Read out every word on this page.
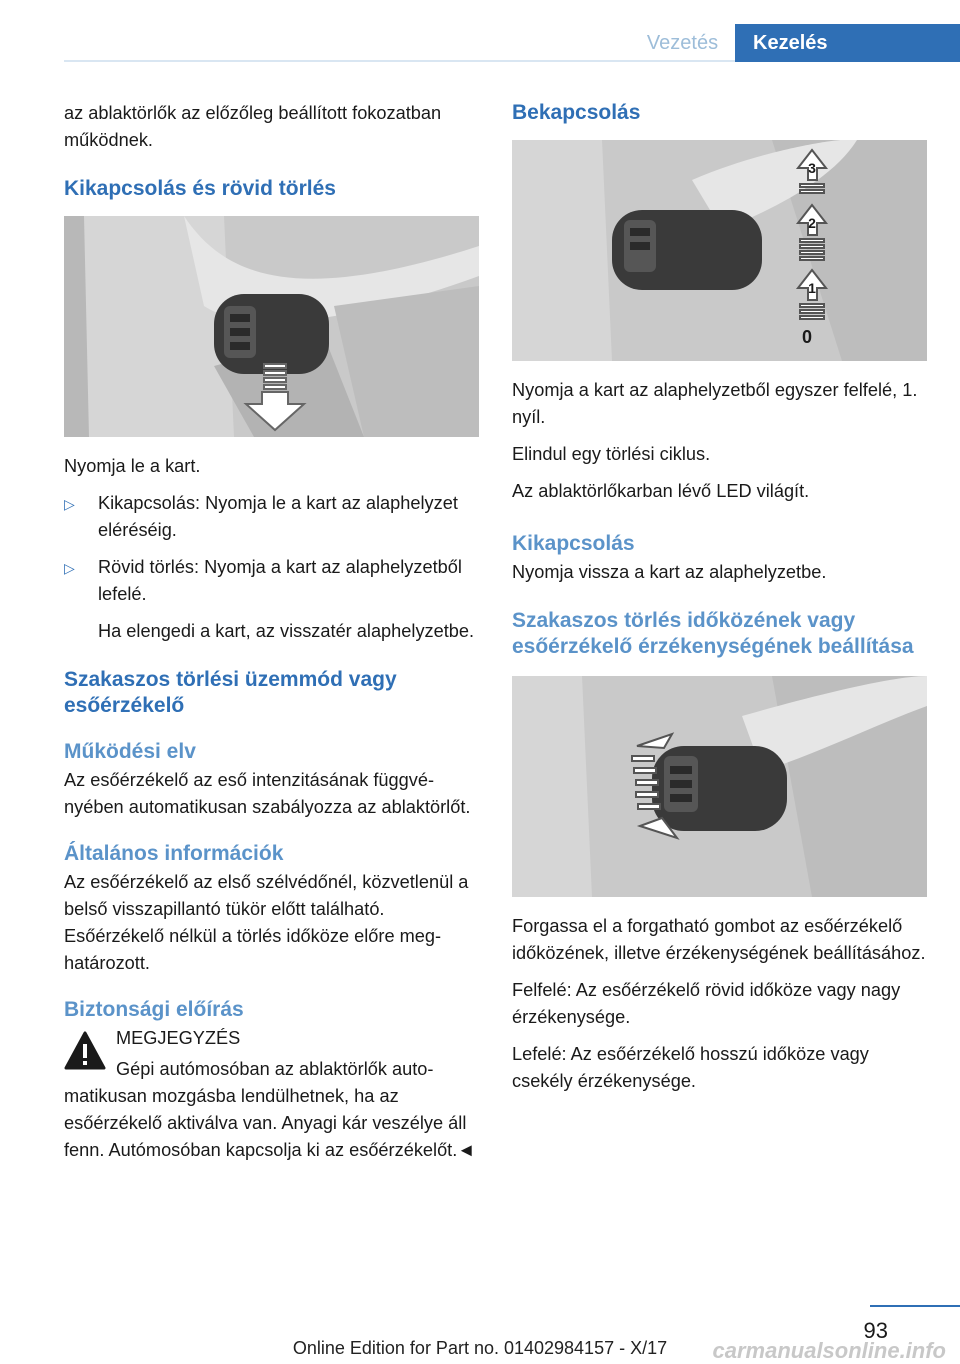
Vezetés	Kezelés

az ablaktörlők az előzőleg beállított fokozatban működnek.

Kikapcsolás és rövid törlés

Nyomja le a kart.

▷ Kikapcsolás: Nyomja le a kart az alaphelyzet eléréséig.
▷ Rövid törlés: Nyomja a kart az alaphelyzetből lefelé.
Ha elengedi a kart, az visszatér alaphelyzetbe.
Szakaszos törlési üzemmód vagy esőérzékelő
Működési elv

Az esőérzékelő az eső intenzitásának függvényében automatikusan szabályozza az ablaktörlőt.

Általános információk

Az esőérzékelő az első szélvédőnél, közvetlenül a belső visszapillantó tükör előtt található. Esőérzékelő nélkül a törlés időköze előre meghatározott.

Biztonsági előírás

MEGJEGYZÉS

Gépi autómosóban az ablaktörlők automatikusan mozgásba lendülhetnek, ha az esőérzékelő aktiválva van. Anyagi kár veszélye áll fenn. Autómosóban kapcsolja ki az esőérzékelőt.◄

Bekapcsolás
3
2
1
0

Nyomja a kart az alaphelyzetből egyszer felfelé, 1. nyíl.

Elindul egy törlési ciklus.

Az ablaktörlőkarban lévő LED világít.

Kikapcsolás

Nyomja vissza a kart az alaphelyzetbe.

Szakaszos törlés időközének vagy esőérzékelő érzékenységének beállítása

Forgassa el a forgatható gombot az esőérzékelő időközének, illetve érzékenységének beállításához.

Felfelé: Az esőérzékelő rövid időköze vagy nagy érzékenysége.

Lefelé: Az esőérzékelő hosszú időköze vagy csekély érzékenysége.

93
Online Edition for Part no. 01402984157 - X/17	carmanualsonline.info
